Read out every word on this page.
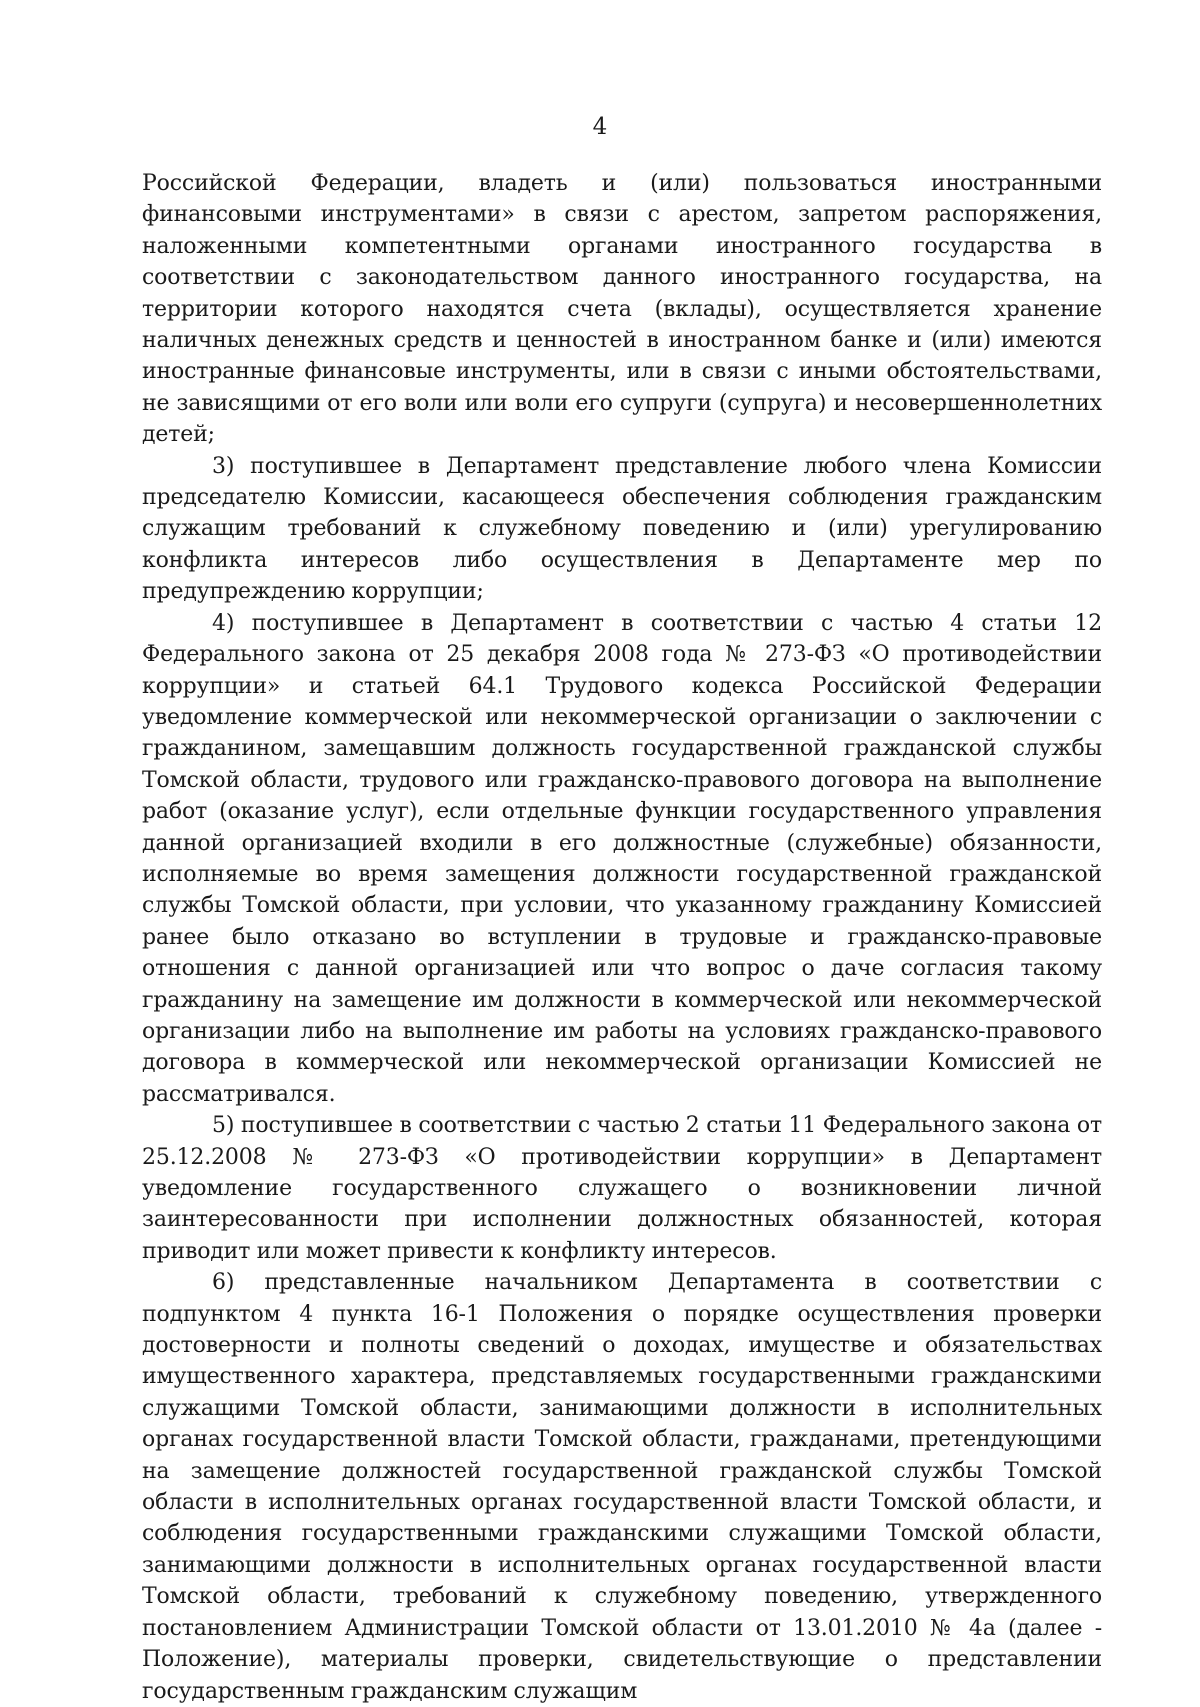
4

Российской Федерации, владеть и (или) пользоваться иностранными финансовыми инструментами» в связи с арестом, запретом распоряжения, наложенными компетентными органами иностранного государства в соответствии с законодательством данного иностранного государства, на территории которого находятся счета (вклады), осуществляется хранение наличных денежных средств и ценностей в иностранном банке и (или) имеются иностранные финансовые инструменты, или в связи с иными обстоятельствами, не зависящими от его воли или воли его супруги (супруга) и несовершеннолетних детей;

3) поступившее в Департамент представление любого члена Комиссии председателю Комиссии, касающееся обеспечения соблюдения гражданским служащим требований к служебному поведению и (или) урегулированию конфликта интересов либо осуществления в Департаменте мер по предупреждению коррупции;

4) поступившее в Департамент в соответствии с частью 4 статьи 12 Федерального закона от 25 декабря 2008 года № 273-ФЗ «О противодействии коррупции» и статьей 64.1 Трудового кодекса Российской Федерации уведомление коммерческой или некоммерческой организации о заключении с гражданином, замещавшим должность государственной гражданской службы Томской области, трудового или гражданско-правового договора на выполнение работ (оказание услуг), если отдельные функции государственного управления данной организацией входили в его должностные (служебные) обязанности, исполняемые во время замещения должности государственной гражданской службы Томской области, при условии, что указанному гражданину Комиссией ранее было отказано во вступлении в трудовые и гражданско-правовые отношения с данной организацией или что вопрос о даче согласия такому гражданину на замещение им должности в коммерческой или некоммерческой организации либо на выполнение им работы на условиях гражданско-правового договора в коммерческой или некоммерческой организации Комиссией не рассматривался.

5) поступившее в соответствии с частью 2 статьи 11 Федерального закона от 25.12.2008 № 273-ФЗ «О противодействии коррупции» в Департамент уведомление государственного служащего о возникновении личной заинтересованности при исполнении должностных обязанностей, которая приводит или может привести к конфликту интересов.

6) представленные начальником Департамента в соответствии с подпунктом 4 пункта 16-1 Положения о порядке осуществления проверки достоверности и полноты сведений о доходах, имуществе и обязательствах имущественного характера, представляемых государственными гражданскими служащими Томской области, занимающими должности в исполнительных органах государственной власти Томской области, гражданами, претендующими на замещение должностей государственной гражданской службы Томской области в исполнительных органах государственной власти Томской области, и соблюдения государственными гражданскими служащими Томской области, занимающими должности в исполнительных органах государственной власти Томской области, требований к служебному поведению, утвержденного постановлением Администрации Томской области от 13.01.2010 № 4а (далее - Положение), материалы проверки, свидетельствующие о представлении государственным гражданским служащим
